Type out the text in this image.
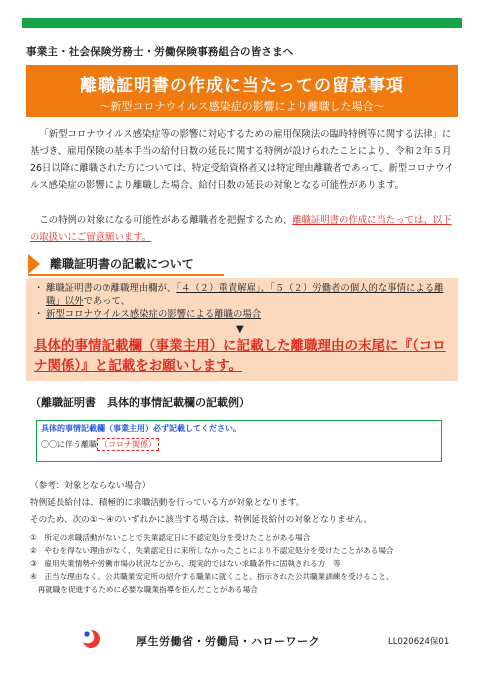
事業主・社会保険労務士・労働保険事務組合の皆さまへ
離職証明書の作成に当たっての留意事項
〜新型コロナウイルス感染症の影響により離職した場合〜

「新型コロナウイルス感染症等の影響に対応するための雇用保険法の臨時特例等に関する法律」に基づき、雇用保険の基本手当の給付日数の延長に関する特例が設けられたことにより、令和２年５月26日以降に離職された方については、特定受給資格者又は特定理由離職者であって、新型コロナウイルス感染症の影響により離職した場合、給付日数の延長の対象となる可能性があります。

この特例の対象になる可能性がある離職者を把握するため、離職証明書の作成に当たっては、以下の取扱いにご留意願います。

離職証明書の記載について
・ 離職証明書の⑦離職理由欄が、「４（２）重責解雇」、「５（２）労働者の個人的な事情による離職」以外であって、
・ 新型コロナウイルス感染症の影響による離職の場合
▼
具体的事情記載欄（事業主用）に記載した離職理由の末尾に『（コロナ関係）』と記載をお願いします。
（離職証明書　具体的事情記載欄の記載例）
具体的事情記載欄（事業主用）必ず記載してください。
〇〇に伴う離職 （コロナ関係）
（参考：対象とならない場合）
特例延長給付は、積極的に求職活動を行っている方が対象となります。
そのため、次の①～④のいずれかに該当する場合は、特例延長給付の対象となりません。
①　所定の求職活動がないことで失業認定日に不認定処分を受けたことがある場合
②　やむを得ない理由がなく、失業認定日に来所しなかったことにより不認定処分を受けたことがある場合
③　雇用失業情勢や労働市場の状況などから、現実的ではない求職条件に固執される方　等
④　正当な理由なく、公共職業安定所の紹介する職業に就くこと、指示された公共職業訓練を受けること、
　再就職を促進するために必要な職業指導を拒んだことがある場合
厚生労働省・労働局・ハローワーク	LL020624保01
